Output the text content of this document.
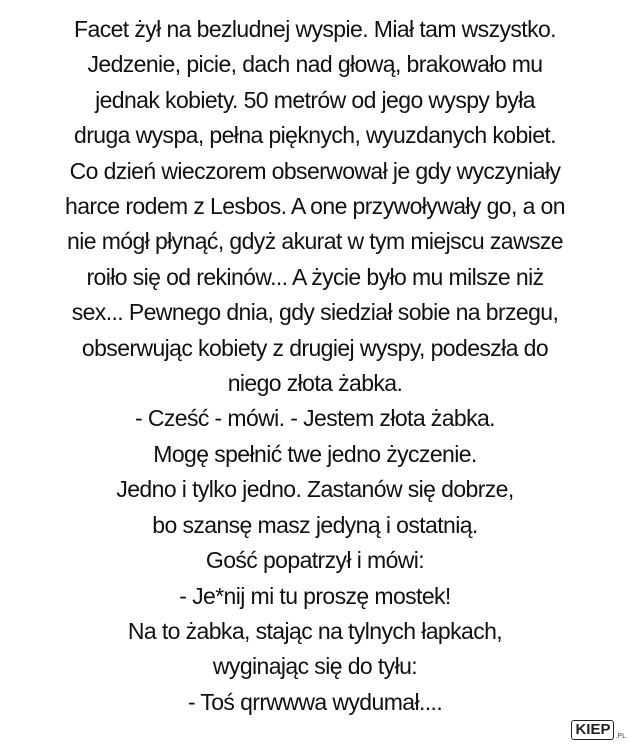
Facet żył na bezludnej wyspie. Miał tam wszystko.
Jedzenie, picie, dach nad głową, brakowało mu
jednak kobiety. 50 metrów od jego wyspy była
druga wyspa, pełna pięknych, wyuzdanych kobiet.
Co dzień wieczorem obserwował je gdy wyczyniały
harce rodem z Lesbos. A one przywoływały go, a on
nie mógł płynąć, gdyż akurat w tym miejscu zawsze
roiło się od rekinów... A życie było mu milsze niż
sex... Pewnego dnia, gdy siedział sobie na brzegu,
obserwując kobiety z drugiej wyspy, podeszła do
niego złota żabka.
- Cześć - mówi. - Jestem złota żabka.
Mogę spełnić twe jedno życzenie.
Jedno i tylko jedno. Zastanów się dobrze,
bo szansę masz jedyną i ostatnią.
Gość popatrzył i mówi:
- Je*nij mi tu proszę mostek!
Na to żabka, stając na tylnych łapkach,
wyginając się do tyłu:
- Toś qrrwwwa wydumał....
KIEP .PL
